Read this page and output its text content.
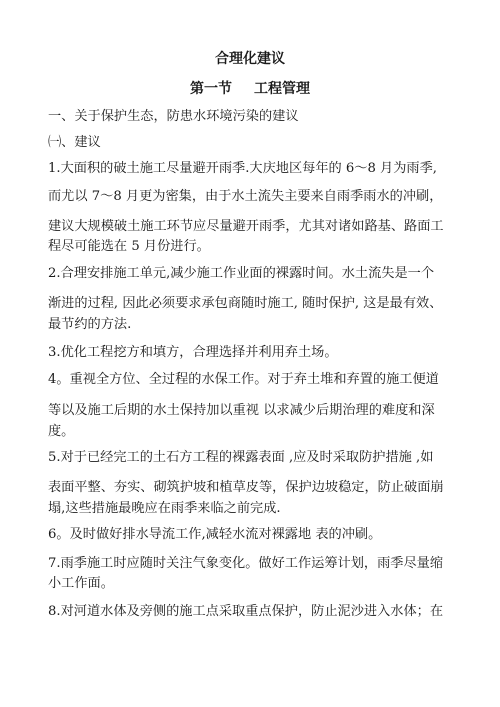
合理化建议
第一节 工程管理

一、关于保护生态，防患水环境污染的建议

㈠、建议

1.大面积的破土施工尽量避开雨季.大庆地区每年的 6～8 月为雨季,

而尤以 7～8 月更为密集，由于水土流失主要来自雨季雨水的冲刷，

建议大规模破土施工环节应尽量避开雨季，尤其对诸如路基、路面工

程尽可能选在 5 月份进行。

2.合理安排施工单元,减少施工作业面的裸露时间。水土流失是一个

渐进的过程, 因此必须要求承包商随时施工, 随时保护, 这是最有效、

最节约的方法.

3.优化工程挖方和填方，合理选择并利用弃土场。

4。重视全方位、全过程的水保工作。对于弃土堆和弃置的施工便道

等以及施工后期的水土保持加以重视 以求减少后期治理的难度和深

度。

5.对于已经完工的土石方工程的裸露表面 ,应及时采取防护措施 ,如

表面平整、夯实、砌筑护坡和植草皮等，保护边坡稳定，防止破面崩

塌,这些措施最晚应在雨季来临之前完成.

6。及时做好排水导流工作,减轻水流对裸露地 表的冲刷。

7.雨季施工时应随时关注气象变化。做好工作运筹计划，雨季尽量缩

小工作面。

8.对河道水体及旁侧的施工点采取重点保护，防止泥沙进入水体；在
